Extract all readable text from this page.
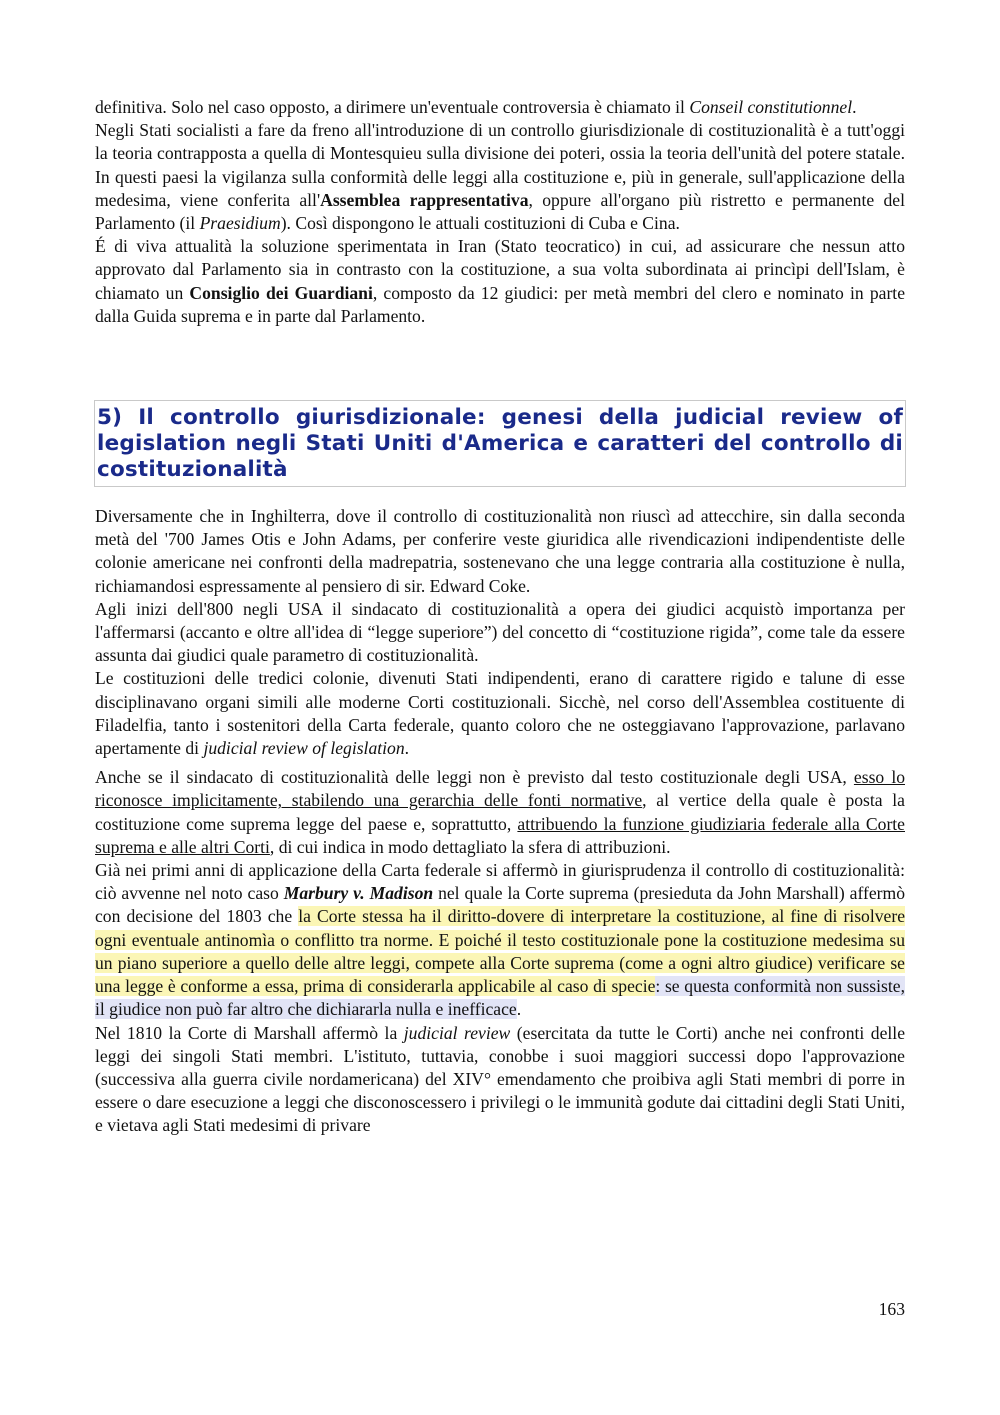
definitiva. Solo nel caso opposto, a dirimere un'eventuale controversia è chiamato il Conseil constitutionnel.

Negli Stati socialisti a fare da freno all'introduzione di un controllo giurisdizionale di costituzionalità è a tutt'oggi la teoria contrapposta a quella di Montesquieu sulla divisione dei poteri, ossia la teoria dell'unità del potere statale. In questi paesi la vigilanza sulla conformità delle leggi alla costituzione e, più in generale, sull'applicazione della medesima, viene conferita all'Assemblea rappresentativa, oppure all'organo più ristretto e permanente del Parlamento (il Praesidium). Così dispongono le attuali costituzioni di Cuba e Cina.

É di viva attualità la soluzione sperimentata in Iran (Stato teocratico) in cui, ad assicurare che nessun atto approvato dal Parlamento sia in contrasto con la costituzione, a sua volta subordinata ai princìpi dell'Islam, è chiamato un Consiglio dei Guardiani, composto da 12 giudici: per metà membri del clero e nominato in parte dalla Guida suprema e in parte dal Parlamento.

5) Il controllo giurisdizionale: genesi della judicial review of legislation negli Stati Uniti d'America e caratteri del controllo di costituzionalità

Diversamente che in Inghilterra, dove il controllo di costituzionalità non riuscì ad attecchire, sin dalla seconda metà del '700 James Otis e John Adams, per conferire veste giuridica alle rivendicazioni indipendentiste delle colonie americane nei confronti della madrepatria, sostenevano che una legge contraria alla costituzione è nulla, richiamandosi espressamente al pensiero di sir. Edward Coke.

Agli inizi dell'800 negli USA il sindacato di costituzionalità a opera dei giudici acquistò importanza per l'affermarsi (accanto e oltre all'idea di “legge superiore”) del concetto di “costituzione rigida”, come tale da essere assunta dai giudici quale parametro di costituzionalità.

Le costituzioni delle tredici colonie, divenuti Stati indipendenti, erano di carattere rigido e talune di esse disciplinavano organi simili alle moderne Corti costituzionali. Sicchè, nel corso dell'Assemblea costituente di Filadelfia, tanto i sostenitori della Carta federale, quanto coloro che ne osteggiavano l'approvazione, parlavano apertamente di judicial review of legislation.

Anche se il sindacato di costituzionalità delle leggi non è previsto dal testo costituzionale degli USA, esso lo riconosce implicitamente, stabilendo una gerarchia delle fonti normative, al vertice della quale è posta la costituzione come suprema legge del paese e, soprattutto, attribuendo la funzione giudiziaria federale alla Corte suprema e alle altri Corti, di cui indica in modo dettagliato la sfera di attribuzioni.

Già nei primi anni di applicazione della Carta federale si affermò in giurisprudenza il controllo di costituzionalità: ciò avvenne nel noto caso Marbury v. Madison nel quale la Corte suprema (presieduta da John Marshall) affermò con decisione del 1803 che la Corte stessa ha il diritto-dovere di interpretare la costituzione, al fine di risolvere ogni eventuale antinomìa o conflitto tra norme. E poiché il testo costituzionale pone la costituzione medesima su un piano superiore a quello delle altre leggi, compete alla Corte suprema (come a ogni altro giudice) verificare se una legge è conforme a essa, prima di considerarla applicabile al caso di specie: se questa conformità non sussiste, il giudice non può far altro che dichiararla nulla e inefficace.

Nel 1810 la Corte di Marshall affermò la judicial review (esercitata da tutte le Corti) anche nei confronti delle leggi dei singoli Stati membri. L'istituto, tuttavia, conobbe i suoi maggiori successi dopo l'approvazione (successiva alla guerra civile nordamericana) del XIV° emendamento che proibiva agli Stati membri di porre in essere o dare esecuzione a leggi che disconoscessero i privilegi o le immunità godute dai cittadini degli Stati Uniti, e vietava agli Stati medesimi di privare

163
